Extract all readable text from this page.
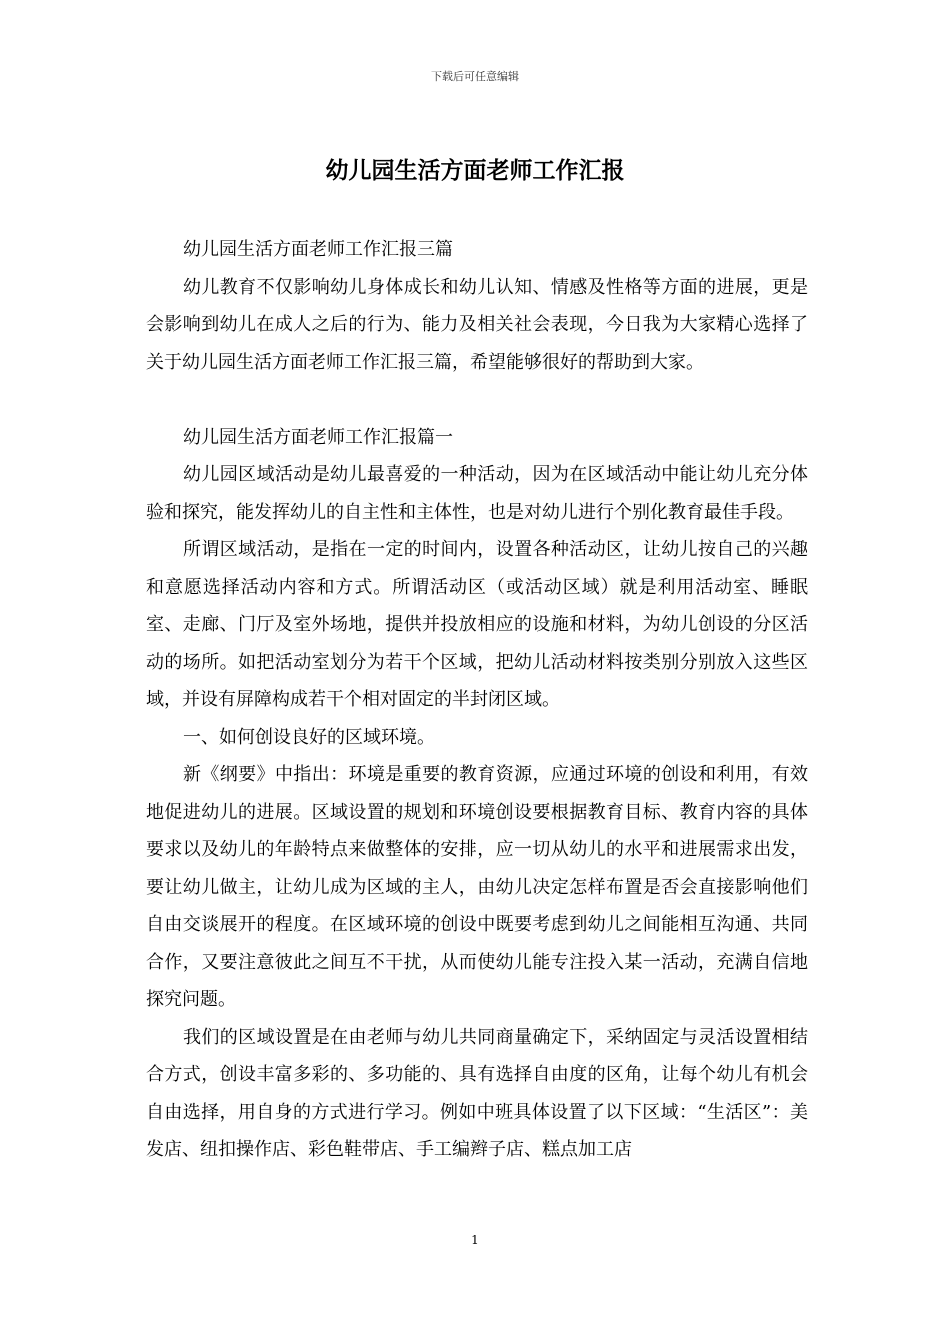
下载后可任意编辑
幼儿园生活方面老师工作汇报

幼儿园生活方面老师工作汇报三篇

幼儿教育不仅影响幼儿身体成长和幼儿认知、情感及性格等方面的进展，更是会影响到幼儿在成人之后的行为、能力及相关社会表现，今日我为大家精心选择了关于幼儿园生活方面老师工作汇报三篇，希望能够很好的帮助到大家。

幼儿园生活方面老师工作汇报篇一

幼儿园区域活动是幼儿最喜爱的一种活动，因为在区域活动中能让幼儿充分体验和探究，能发挥幼儿的自主性和主体性，也是对幼儿进行个别化教育最佳手段。

所谓区域活动，是指在一定的时间内，设置各种活动区，让幼儿按自己的兴趣和意愿选择活动内容和方式。所谓活动区（或活动区域）就是利用活动室、睡眠室、走廊、门厅及室外场地，提供并投放相应的设施和材料，为幼儿创设的分区活动的场所。如把活动室划分为若干个区域，把幼儿活动材料按类别分别放入这些区域，并设有屏障构成若干个相对固定的半封闭区域。

一、如何创设良好的区域环境。

新《纲要》中指出：环境是重要的教育资源，应通过环境的创设和利用，有效地促进幼儿的进展。区域设置的规划和环境创设要根据教育目标、教育内容的具体要求以及幼儿的年龄特点来做整体的安排，应一切从幼儿的水平和进展需求出发，要让幼儿做主，让幼儿成为区域的主人，由幼儿决定怎样布置是否会直接影响他们自由交谈展开的程度。在区域环境的创设中既要考虑到幼儿之间能相互沟通、共同合作，又要注意彼此之间互不干扰，从而使幼儿能专注投入某一活动，充满自信地探究问题。

我们的区域设置是在由老师与幼儿共同商量确定下，采纳固定与灵活设置相结合方式，创设丰富多彩的、多功能的、具有选择自由度的区角，让每个幼儿有机会自由选择，用自身的方式进行学习。例如中班具体设置了以下区域：“生活区”：美发店、纽扣操作店、彩色鞋带店、手工编辫子店、糕点加工店

1
